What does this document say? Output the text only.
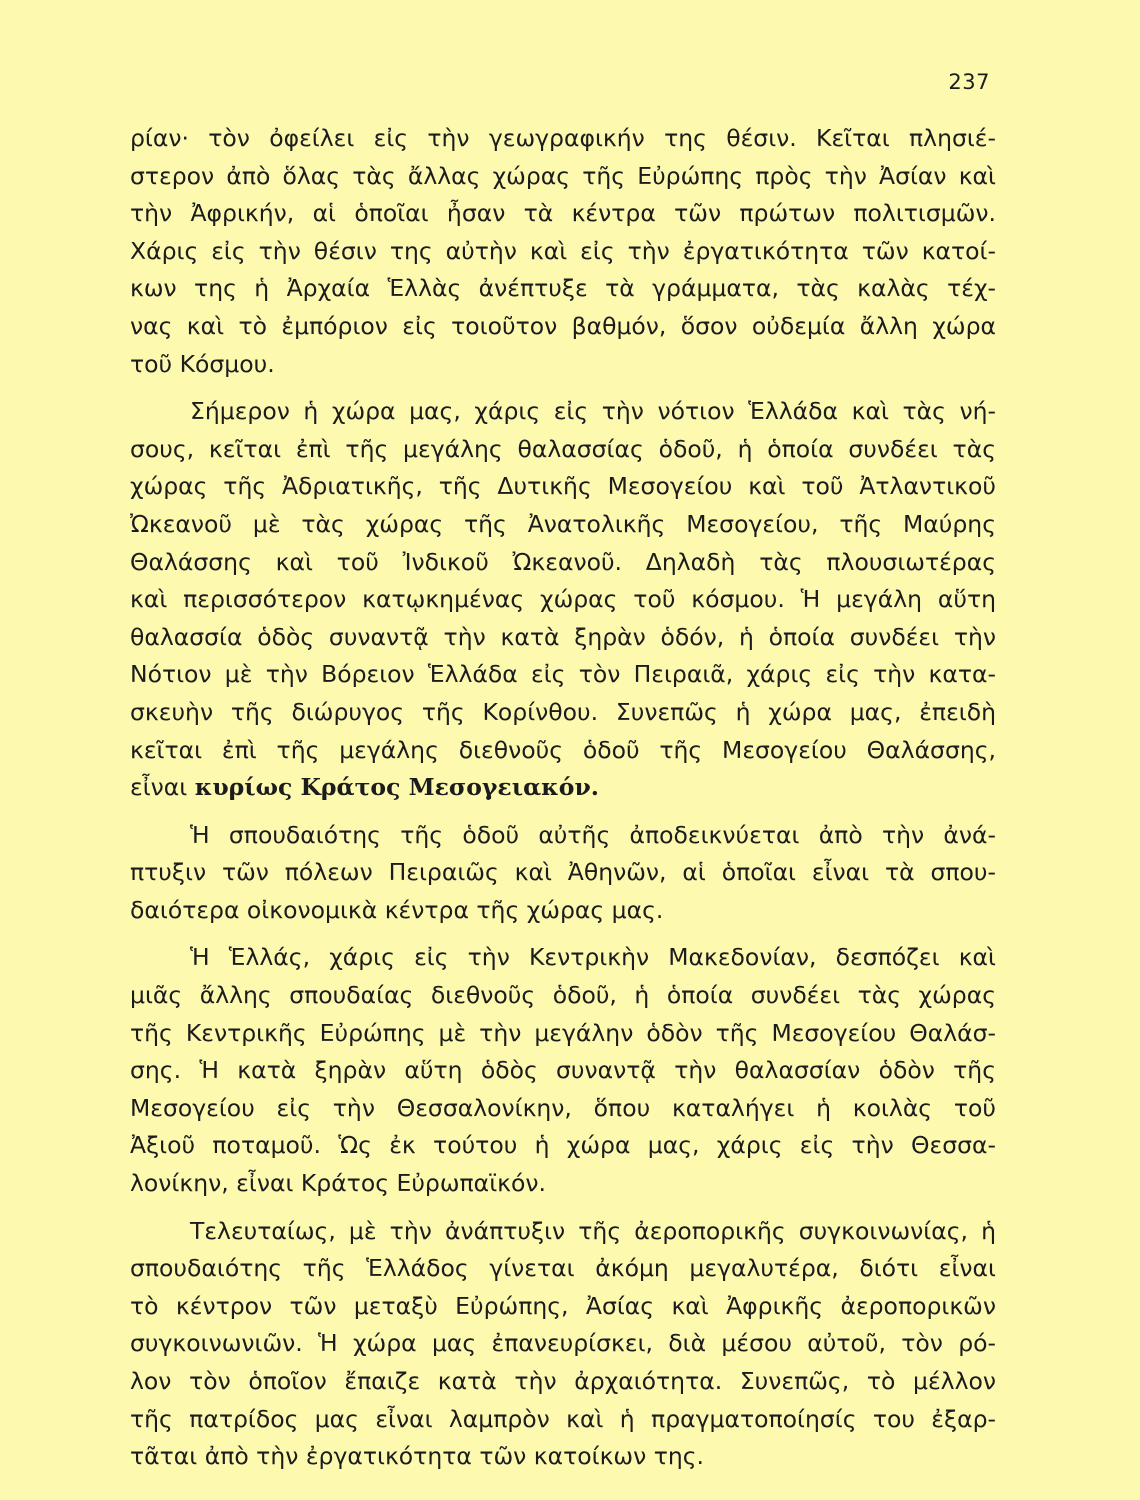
237

ρίαν· τὸν ὀφείλει εἰς τὴν γεωγραφικήν της θέσιν. Κεῖται πλησιέ-
στερον ἀπὸ ὅλας τὰς ἄλλας χώρας τῆς Εὐρώπης πρὸς τὴν Ἀσίαν καὶ
τὴν Ἀφρικήν, αἱ ὁποῖαι ἦσαν τὰ κέντρα τῶν πρώτων πολιτισμῶν.
Χάρις εἰς τὴν θέσιν της αὐτὴν καὶ εἰς τὴν ἐργατικότητα τῶν κατοί-
κων της ἡ Ἀρχαία Ἑλλὰς ἀνέπτυξε τὰ γράμματα, τὰς καλὰς τέχ-
νας καὶ τὸ ἐμπόριον εἰς τοιοῦτον βαθμόν, ὅσον οὐδεμία ἄλλη χώρα
τοῦ Κόσμου.

Σήμερον ἡ χώρα μας, χάρις εἰς τὴν νότιον Ἑλλάδα καὶ τὰς νή-
σους, κεῖται ἐπὶ τῆς μεγάλης θαλασσίας ὁδοῦ, ἡ ὁποία συνδέει τὰς
χώρας τῆς Ἀδριατικῆς, τῆς Δυτικῆς Μεσογείου καὶ τοῦ Ἀτλαντικοῦ
Ὠκεανοῦ μὲ τὰς χώρας τῆς Ἀνατολικῆς Μεσογείου, τῆς Μαύρης
Θαλάσσης καὶ τοῦ Ἰνδικοῦ Ὠκεανοῦ. Δηλαδὴ τὰς πλουσιωτέρας
καὶ περισσότερον κατῳκημένας χώρας τοῦ κόσμου. Ἡ μεγάλη αὕτη
θαλασσία ὁδὸς συναντᾷ τὴν κατὰ ξηρὰν ὁδόν, ἡ ὁποία συνδέει τὴν
Νότιον μὲ τὴν Βόρειον Ἑλλάδα εἰς τὸν Πειραιᾶ, χάρις εἰς τὴν κατα-
σκευὴν τῆς διώρυγος τῆς Κορίνθου. Συνεπῶς ἡ χώρα μας, ἐπειδὴ
κεῖται ἐπὶ τῆς μεγάλης διεθνοῦς ὁδοῦ τῆς Μεσογείου Θαλάσσης,
εἶναι κυρίως Κράτος Μεσογειακόν.

Ἡ σπουδαιότης τῆς ὁδοῦ αὐτῆς ἀποδεικνύεται ἀπὸ τὴν ἀνά-
πτυξιν τῶν πόλεων Πειραιῶς καὶ Ἀθηνῶν, αἱ ὁποῖαι εἶναι τὰ σπου-
δαιότερα οἰκονομικὰ κέντρα τῆς χώρας μας.

Ἡ Ἑλλάς, χάρις εἰς τὴν Κεντρικὴν Μακεδονίαν, δεσπόζει καὶ
μιᾶς ἄλλης σπουδαίας διεθνοῦς ὁδοῦ, ἡ ὁποία συνδέει τὰς χώρας
τῆς Κεντρικῆς Εὐρώπης μὲ τὴν μεγάλην ὁδὸν τῆς Μεσογείου Θαλάσ-
σης. Ἡ κατὰ ξηρὰν αὕτη ὁδὸς συναντᾷ τὴν θαλασσίαν ὁδὸν τῆς
Μεσογείου εἰς τὴν Θεσσαλονίκην, ὅπου καταλήγει ἡ κοιλὰς τοῦ
Ἀξιοῦ ποταμοῦ. Ὡς ἐκ τούτου ἡ χώρα μας, χάρις εἰς τὴν Θεσσα-
λονίκην, εἶναι Κράτος Εὐρωπαϊκόν.

Τελευταίως, μὲ τὴν ἀνάπτυξιν τῆς ἀεροπορικῆς συγκοινωνίας, ἡ
σπουδαιότης τῆς Ἑλλάδος γίνεται ἀκόμη μεγαλυτέρα, διότι εἶναι
τὸ κέντρον τῶν μεταξὺ Εὐρώπης, Ἀσίας καὶ Ἀφρικῆς ἀεροπορικῶν
συγκοινωνιῶν. Ἡ χώρα μας ἐπανευρίσκει, διὰ μέσου αὐτοῦ, τὸν ρό-
λον τὸν ὁποῖον ἔπαιζε κατὰ τὴν ἀρχαιότητα. Συνεπῶς, τὸ μέλλον
τῆς πατρίδος μας εἶναι λαμπρὸν καὶ ἡ πραγματοποίησίς του ἐξαρ-
τᾶται ἀπὸ τὴν ἐργατικότητα τῶν κατοίκων της.
